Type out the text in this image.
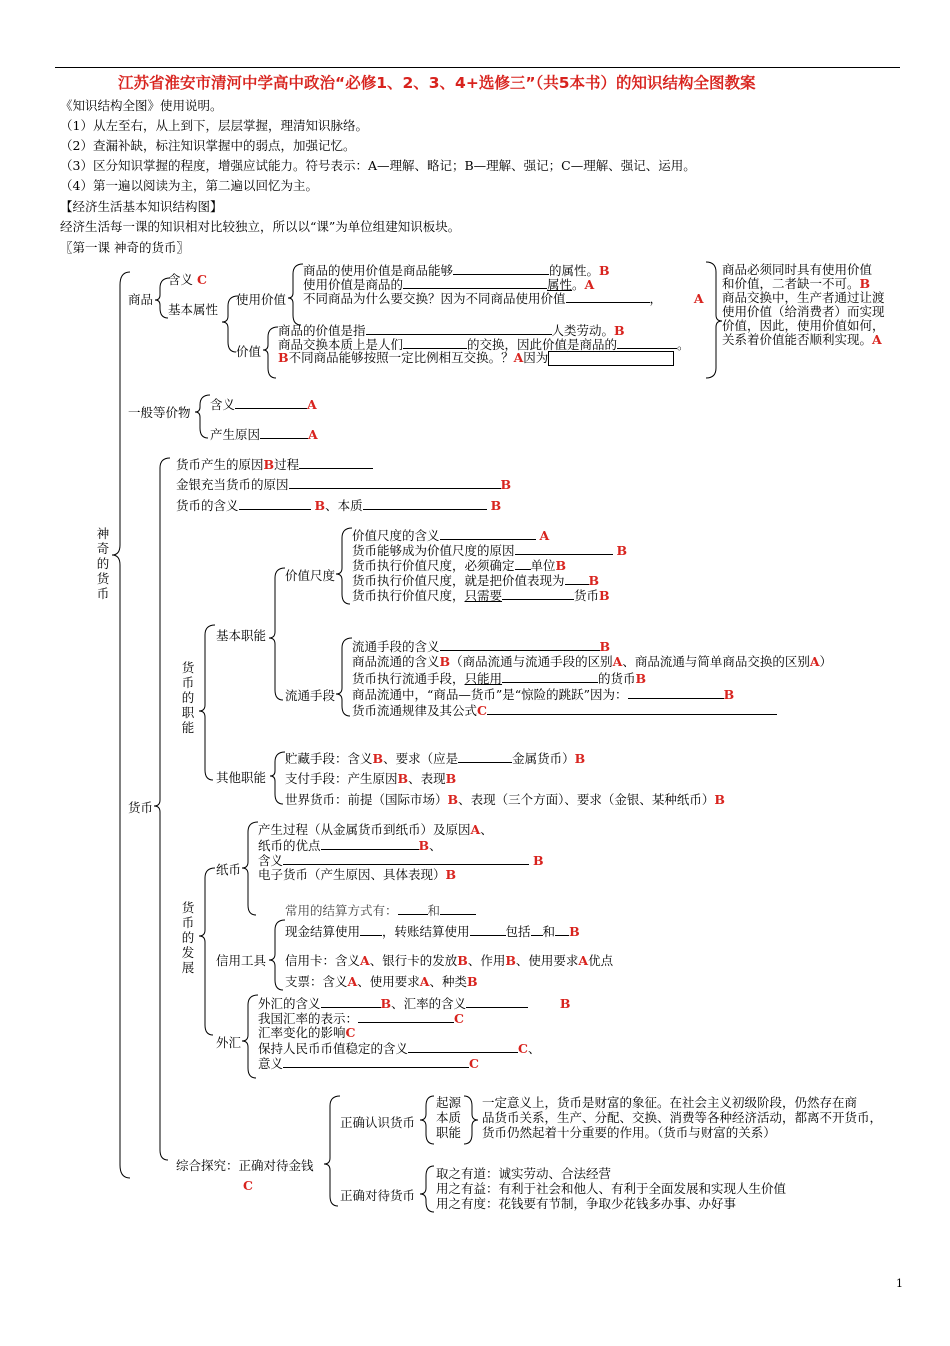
江苏省淮安市清河中学高中政治“必修1、2、3、4+选修三”（共5本书）的知识结构全图教案
《知识结构全图》使用说明。
（1）从左至右，从上到下，层层掌握，理清知识脉络。
（2）查漏补缺，标注知识掌握中的弱点，加强记忆。
（3）区分知识掌握的程度，增强应试能力。符号表示：A—理解、略记；B—理解、强记；C—理解、强记、运用。
（4）第一遍以阅读为主，第二遍以回忆为主。
【经济生活基本知识结构图】
经济生活每一课的知识相对比较独立，所以以“课”为单位组建知识板块。
〖第一课 神奇的货币〗
神奇的货币
商品
含义 C
基本属性
使用价值
商品的使用价值是商品能够	的属性。B
使用价值是商品的	属性。A
不同商品为什么要交换？因为不同商品使用价值	，	A
价值
商品的价值是指	人类劳动。B
商品交换本质上是人们	的交换，因此价值是商品的	。
B不同商品能够按照一定比例相互交换。？A因为
商品必须同时具有使用价值
和价值，二者缺一不可。B
商品交换中，生产者通过让渡
使用价值（给消费者）而实现
价值，因此，使用价值如何，
关系着价值能否顺利实现。A
一般等价物
含义	A
产生原因	A
货币
货币产生的原因B过程
金银充当货币的原因	B
货币的含义	B、本质	B
货币的职能
基本职能
价值尺度
价值尺度的含义	A
货币能够成为价值尺度的原因	B
货币执行价值尺度，必须确定 单位B
货币执行价值尺度，就是把价值表现为 B
货币执行价值尺度，只需要	货币B
流通手段
流通手段的含义	B
商品流通的含义B（商品流通与流通手段的区别A、商品流通与简单商品交换的区别A）
货币执行流通手段，只能用	的货币B
商品流通中，“商品—货币”是“惊险的跳跃”因为：	B
货币流通规律及其公式C
其他职能
贮藏手段：含义B、要求（应是	金属货币）B
支付手段：产生原因B、表现B
世界货币：前提（国际市场）B、表现（三个方面）、要求（金银、某种纸币）B
货币的发展
纸币
产生过程（从金属货币到纸币）及原因A、
纸币的优点	B、
含义	B
电子货币（产生原因、具体表现）B
信用工具
常用的结算方式有： 和
现金结算使用 ，转账结算使用	包括 和 B
信用卡：含义A、银行卡的发放B、作用B、使用要求A优点
支票：含义A、使用要求A、种类B
外汇
外汇的含义	B、汇率的含义	B
我国汇率的表示：	C
汇率变化的影响C
保持人民币币值稳定的含义	C、
意义	C
综合探究：正确对待金钱
C
正确认识货币
起源
本质
职能
一定意义上，货币是财富的象征。在社会主义初级阶段，仍然存在商
品货币关系，生产、分配、交换、消费等各种经济活动，都离不开货币，
货币仍然起着十分重要的作用。（货币与财富的关系）
正确对待货币
取之有道：诚实劳动、合法经营
用之有益：有利于社会和他人、有利于全面发展和实现人生价值
用之有度：花钱要有节制，争取少花钱多办事、办好事
1
